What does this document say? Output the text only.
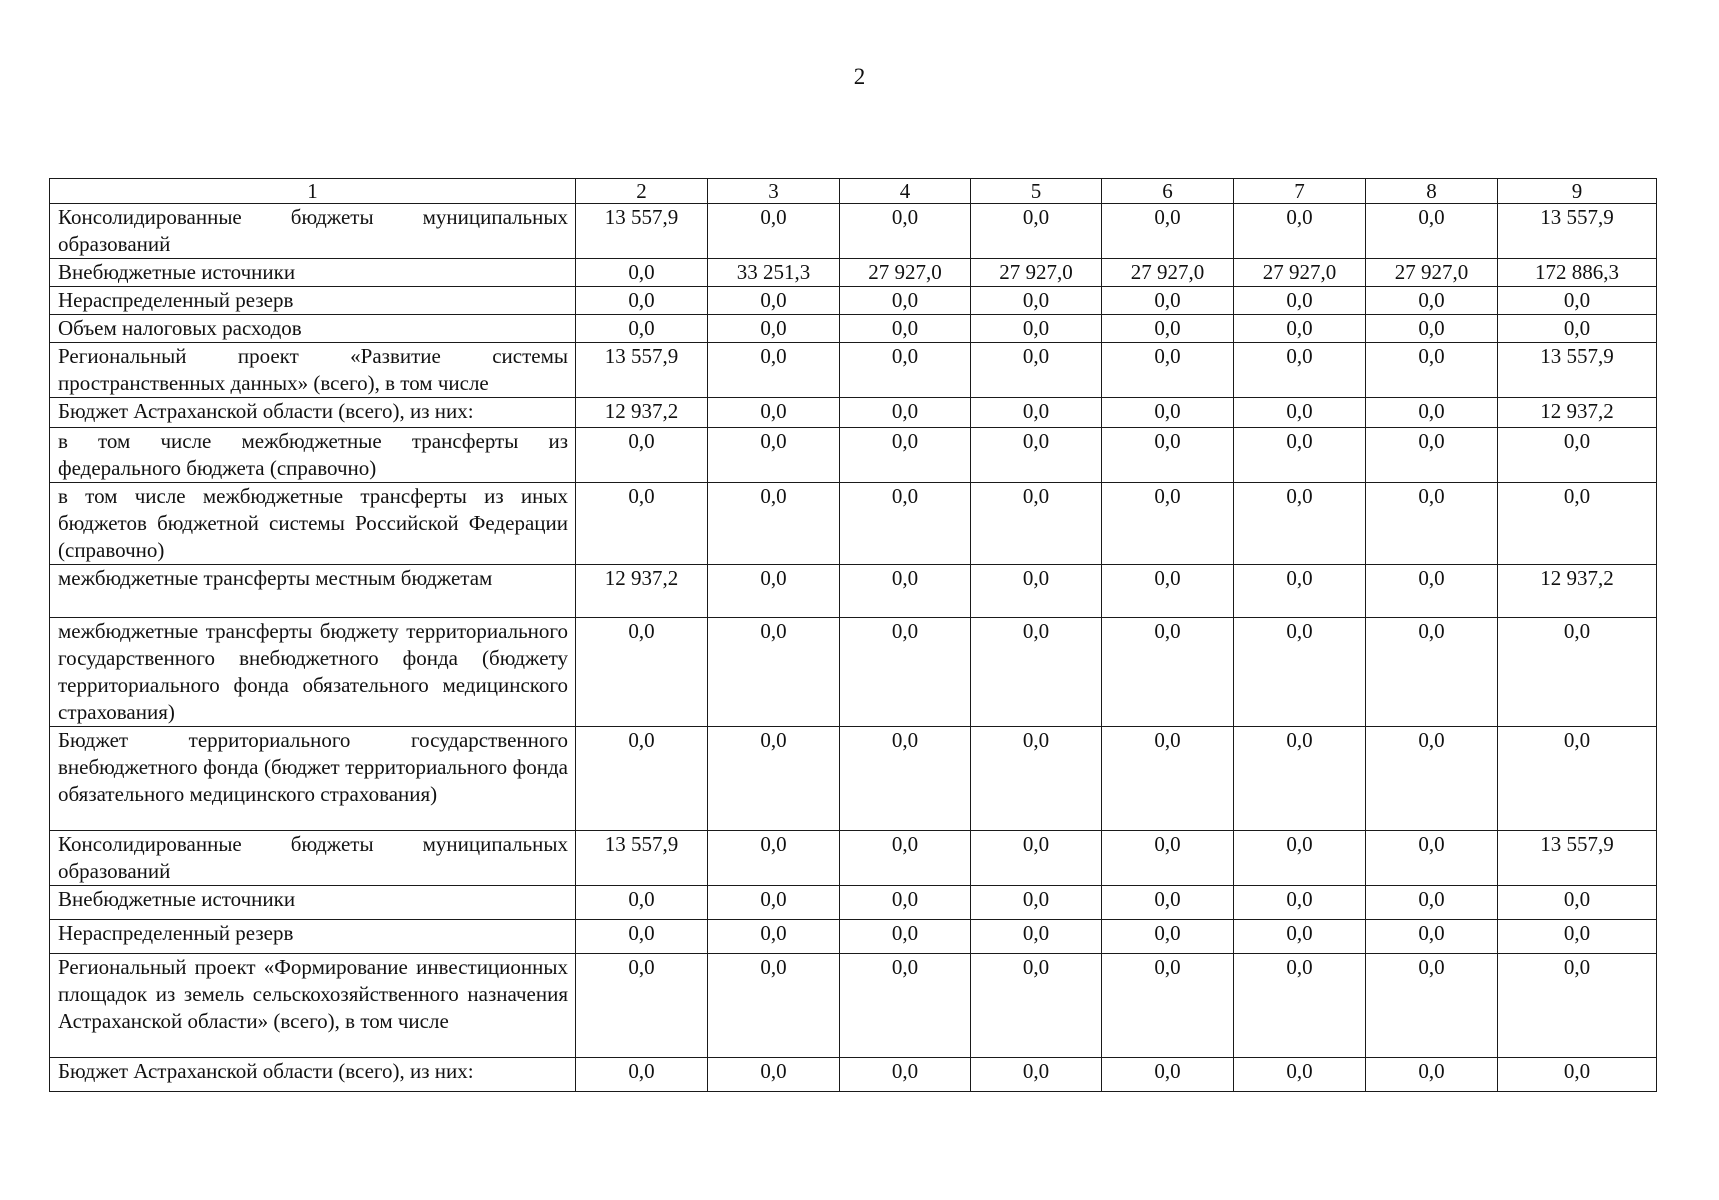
2
1	2	3	4	5	6	7	8	9
Консолидированные бюджеты муниципальных образований	13 557,9	0,0	0,0	0,0	0,0	0,0	0,0	13 557,9
Внебюджетные источники	0,0	33 251,3	27 927,0	27 927,0	27 927,0	27 927,0	27 927,0	172 886,3
Нераспределенный резерв	0,0	0,0	0,0	0,0	0,0	0,0	0,0	0,0
Объем налоговых расходов	0,0	0,0	0,0	0,0	0,0	0,0	0,0	0,0
Региональный проект «Развитие системы пространственных данных» (всего), в том числе	13 557,9	0,0	0,0	0,0	0,0	0,0	0,0	13 557,9
Бюджет Астраханской области (всего), из них:	12 937,2	0,0	0,0	0,0	0,0	0,0	0,0	12 937,2
в том числе межбюджетные трансферты из федерального бюджета (справочно)	0,0	0,0	0,0	0,0	0,0	0,0	0,0	0,0
в том числе межбюджетные трансферты из иных бюджетов бюджетной системы Российской Федерации (справочно)	0,0	0,0	0,0	0,0	0,0	0,0	0,0	0,0
межбюджетные трансферты местным бюджетам	12 937,2	0,0	0,0	0,0	0,0	0,0	0,0	12 937,2
межбюджетные трансферты бюджету территориального государственного внебюджетного фонда (бюджету территориального фонда обязательного медицинского страхования)	0,0	0,0	0,0	0,0	0,0	0,0	0,0	0,0
Бюджет территориального государственного внебюджетного фонда (бюджет территориального фонда обязательного медицинского страхования)	0,0	0,0	0,0	0,0	0,0	0,0	0,0	0,0
Консолидированные бюджеты муниципальных образований	13 557,9	0,0	0,0	0,0	0,0	0,0	0,0	13 557,9
Внебюджетные источники	0,0	0,0	0,0	0,0	0,0	0,0	0,0	0,0
Нераспределенный резерв	0,0	0,0	0,0	0,0	0,0	0,0	0,0	0,0
Региональный проект «Формирование инвестиционных площадок из земель сельскохозяйственного назначения Астраханской области» (всего), в том числе	0,0	0,0	0,0	0,0	0,0	0,0	0,0	0,0
Бюджет Астраханской области (всего), из них:	0,0	0,0	0,0	0,0	0,0	0,0	0,0	0,0
